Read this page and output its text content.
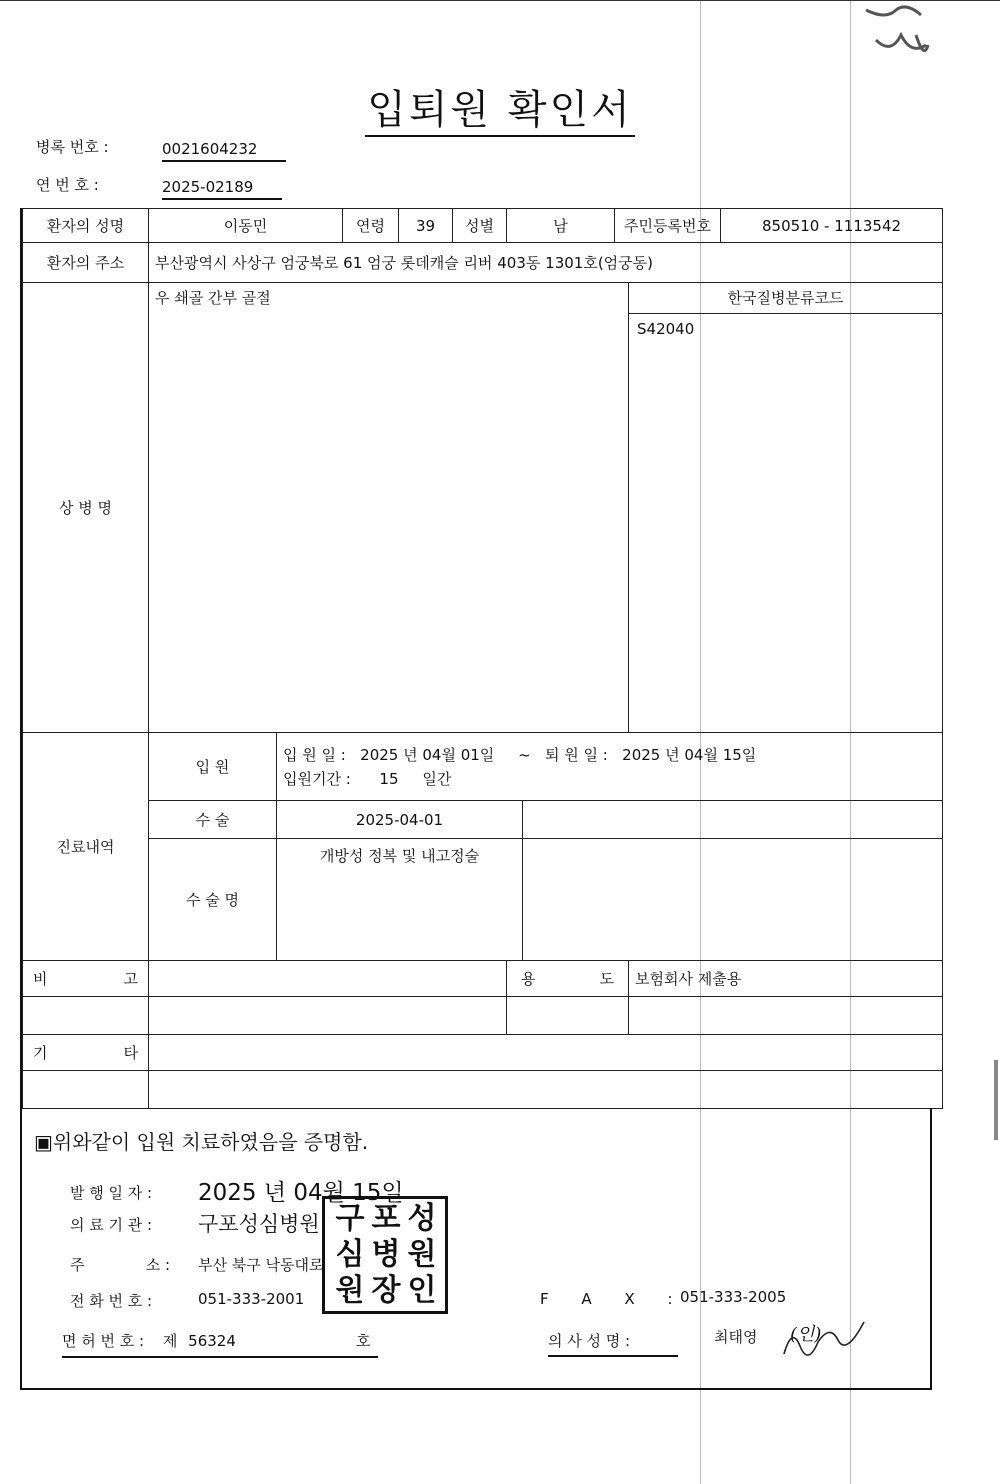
입퇴원 확인서
병록 번호 :	0021604232
연 번 호 :	2025-02189
환자의 성명	이동민		연령	39	성별	남		주민등록번호		850510 - 1113542
환자의 주소	부산광역시 사상구 엄궁북로 61 엄궁 롯데캐슬 리버 403동 1301호(엄궁동)									
상 병 명	우 쇄골 간부 골절								한국질병분류코드
S42040	

진료내역	입 원	입 원 일 : 2025 년 04월 01일 ~ 퇴 원 일 : 2025 년 04월 15일
입원기간 : 15 일간								

	수 술	2025-04-01								
	수 술 명	개방성 정복 및 내고정술								

비 고						용 도			보험회사 제출용	

기 타										

▣위와같이 입원 치료하였음을 증명함.
발 행 일 자 : 2025 년 04월 15일
의 료 기 관 : 구포성심병원
주	소 : 부산 북구 낙동대로
전 화 번 호 :	051-333-2001
구 포 성
심 병 원
원 장 인	F A X :
051-333-2005
면 허 번 호 : 제 56324	호	의 사 성 명 :	최태영 (인)
